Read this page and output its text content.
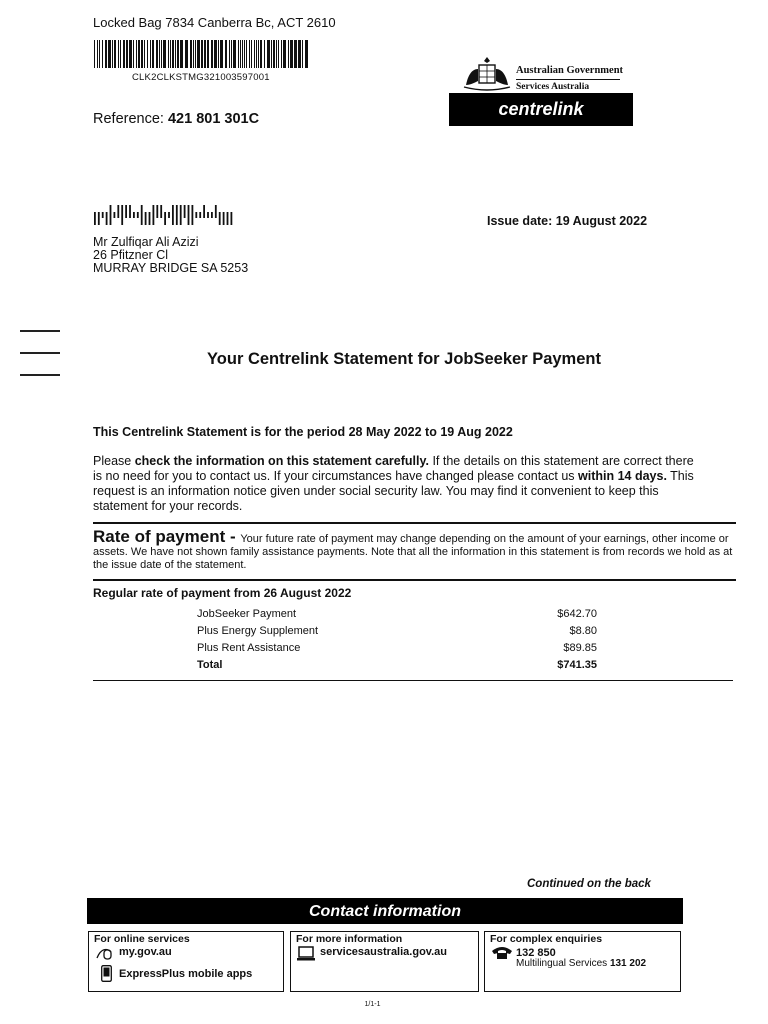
Locked Bag 7834 Canberra Bc, ACT 2610
CLK2CLKSTMG321003597001
Reference: 421 801 301C
Australian Government
Services Australia
centrelink
Issue date: 19 August 2022
Mr Zulfiqar Ali Azizi
26 Pfitzner Cl
MURRAY BRIDGE SA 5253
Your Centrelink Statement for JobSeeker Payment
This Centrelink Statement is for the period 28 May 2022 to 19 Aug 2022
Please check the information on this statement carefully. If the details on this statement are correct there is no need for you to contact us. If your circumstances have changed please contact us within 14 days. This request is an information notice given under social security law. You may find it convenient to keep this statement for your records.
Rate of payment - Your future rate of payment may change depending on the amount of your earnings, other income or assets. We have not shown family assistance payments. Note that all the information in this statement is from records we hold as at the issue date of the statement.
Regular rate of payment from 26 August 2022
JobSeeker Payment	$642.70
Plus Energy Supplement	$8.80
Plus Rent Assistance	$89.85
Total	$741.35
Continued on the back
Contact information
For online services
my.gov.au
ExpressPlus mobile apps
For more information
servicesaustralia.gov.au
For complex enquiries
132 850
Multilingual Services 131 202
1/1-1
